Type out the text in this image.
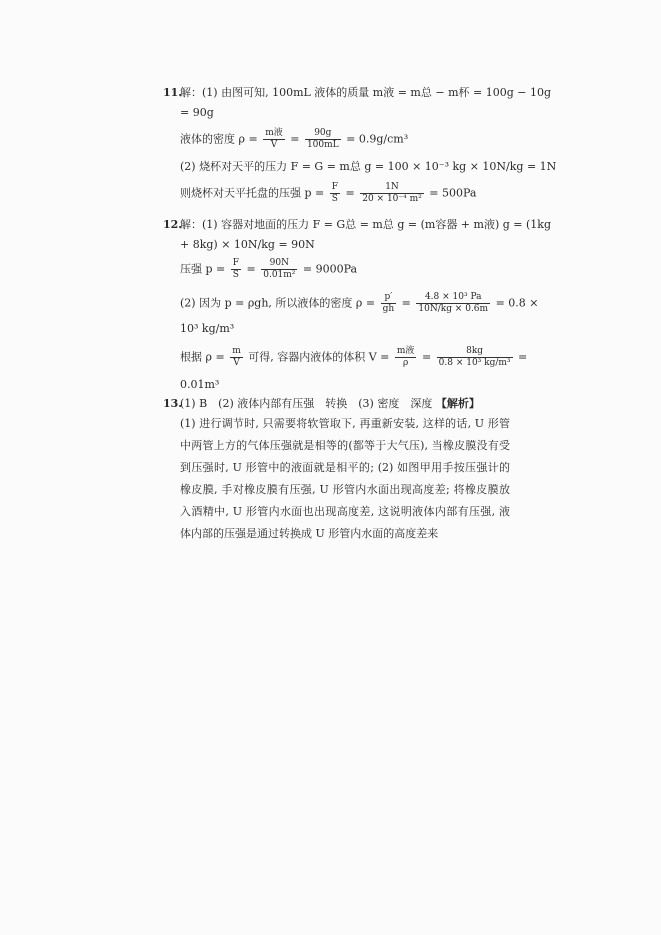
11.
解：(1) 由图可知, 100mL 液体的质量 m液 = m总 − m杯 = 100g − 10g
= 90g
液体的密度 $\rho = \frac{\text{m液}}{V} = \frac{90g}{100mL} = 0.9g/cm^3$
(2) 烧杯对天平的压力 F = G = m总 g = 100 × 10⁻³ kg × 10N/kg = 1N
则烧杯对天平托盘的压强 $p = \frac{F}{S} = \frac{1N}{\text{20 × 10⁻⁴ m²}} = 500Pa$
12.
解：(1) 容器对地面的压力 F = G总 = m总 g = (m容器 + m液) g = (1kg
+ 8kg) × 10N/kg = 90N
压强 $p = \frac{F}{S} = \frac{90N}{\text{0.01m²}} = 9000Pa$
(2) 因为 p = ρgh, 所以液体的密度 $\rho = \frac{p'}{gh} = \frac{\text{4.8 × 10³ Pa}}{10N/kg \times 0.6m} = 0.8$ ×
10³ kg/m³
根据 $\rho = \frac{m}{V}$ 可得, 容器内液体的体积 $V = \frac{\text{m液}}{\rho} = \frac{8kg}{\text{0.8 × 10³ kg/m³}}$ =
0.01m³
13.
(1) B　(2) 液体内部有压强　转换　(3) 密度　深度 【解析】
(1) 进行调节时, 只需要将软管取下, 再重新安装, 这样的话, U 形管中两管上方的气体压强就是相等的(都等于大气压), 当橡皮膜没有受到压强时, U 形管中的液面就是相平的; (2) 如图甲用手按压强计的橡皮膜, 手对橡皮膜有压强, U 形管内水面出现高度差; 将橡皮膜放入酒精中, U 形管内水面也出现高度差, 这说明液体内部有压强, 液体内部的压强是通过转换成 U 形管内水面的高度差来
